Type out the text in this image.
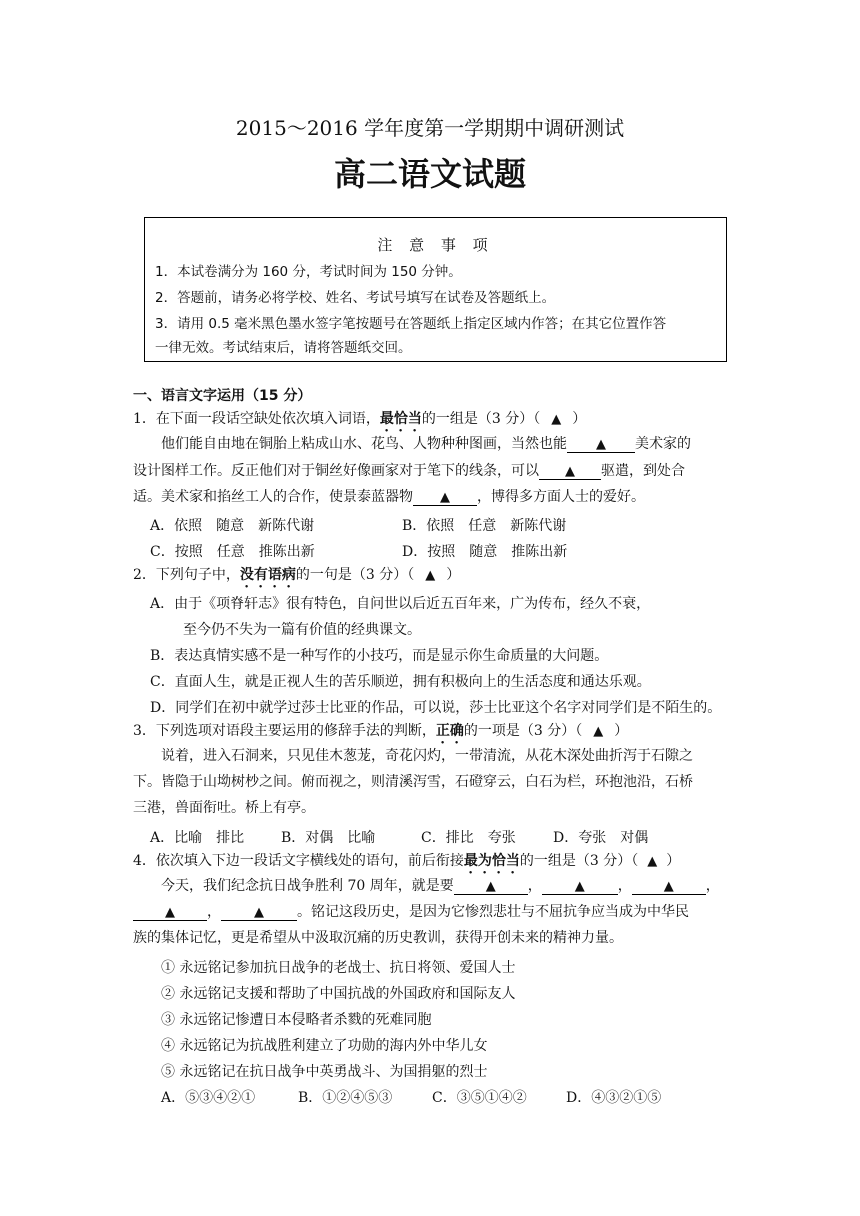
2015～2016 学年度第一学期期中调研测试
高二语文试题
注 意 事 项
1．本试卷满分为 160 分，考试时间为 150 分钟。
2．答题前，请务必将学校、姓名、考试号填写在试卷及答题纸上。
3．请用 0.5 毫米黑色墨水签字笔按题号在答题纸上指定区域内作答；在其它位置作答
一律无效。考试结束后，请将答题纸交回。
一、语言文字运用（15 分）
1．在下面一段话空缺处依次填入词语，最恰当的一组是（3 分）（ ▲ ）
他们能自由地在铜胎上粘成山水、花鸟、人物种种图画，当然也能 ▲ 美术家的
设计图样工作。反正他们对于铜丝好像画家对于笔下的线条，可以 ▲ 驱遣，到处合
适。美术家和掐丝工人的合作，使景泰蓝器物 ▲ ，博得多方面人士的爱好。
A．依照　随意　新陈代谢	B．依照　任意　新陈代谢
C．按照　任意　推陈出新	D．按照　随意　推陈出新
2．下列句子中，没有语病的一句是（3 分）（ ▲ ）
A．由于《项脊轩志》很有特色，自问世以后近五百年来，广为传布，经久不衰，
至今仍不失为一篇有价值的经典课文。
B．表达真情实感不是一种写作的小技巧，而是显示你生命质量的大问题。
C．直面人生，就是正视人生的苦乐顺逆，拥有积极向上的生活态度和通达乐观。
D．同学们在初中就学过莎士比亚的作品，可以说，莎士比亚这个名字对同学们是不陌生的。
3．下列选项对语段主要运用的修辞手法的判断，正确的一项是（3 分）（ ▲ ）
说着，进入石洞来，只见佳木葱茏，奇花闪灼，一带清流，从花木深处曲折泻于石隙之
下。皆隐于山坳树杪之间。俯而视之，则清溪泻雪，石磴穿云，白石为栏，环抱池沿，石桥
三港，兽面衔吐。桥上有亭。
A．比喻　排比	B．对偶　比喻	C．排比　夸张	D．夸张　对偶
4．依次填入下边一段话文字横线处的语句，前后衔接最为恰当的一组是（3 分）（ ▲ ）
今天，我们纪念抗日战争胜利 70 周年，就是要 ▲ ，	▲ ， ▲ ，
▲ ，	▲ 。铭记这段历史，是因为它惨烈悲壮与不屈抗争应当成为中华民
族的集体记忆，更是希望从中汲取沉痛的历史教训，获得开创未来的精神力量。
① 永远铭记参加抗日战争的老战士、抗日将领、爱国人士
② 永远铭记支援和帮助了中国抗战的外国政府和国际友人
③ 永远铭记惨遭日本侵略者杀戮的死难同胞
④ 永远铭记为抗战胜利建立了功勋的海内外中华儿女
⑤ 永远铭记在抗日战争中英勇战斗、为国捐躯的烈士
A．⑤③④②①	B．①②④⑤③	C．③⑤①④②	D．④③②①⑤
